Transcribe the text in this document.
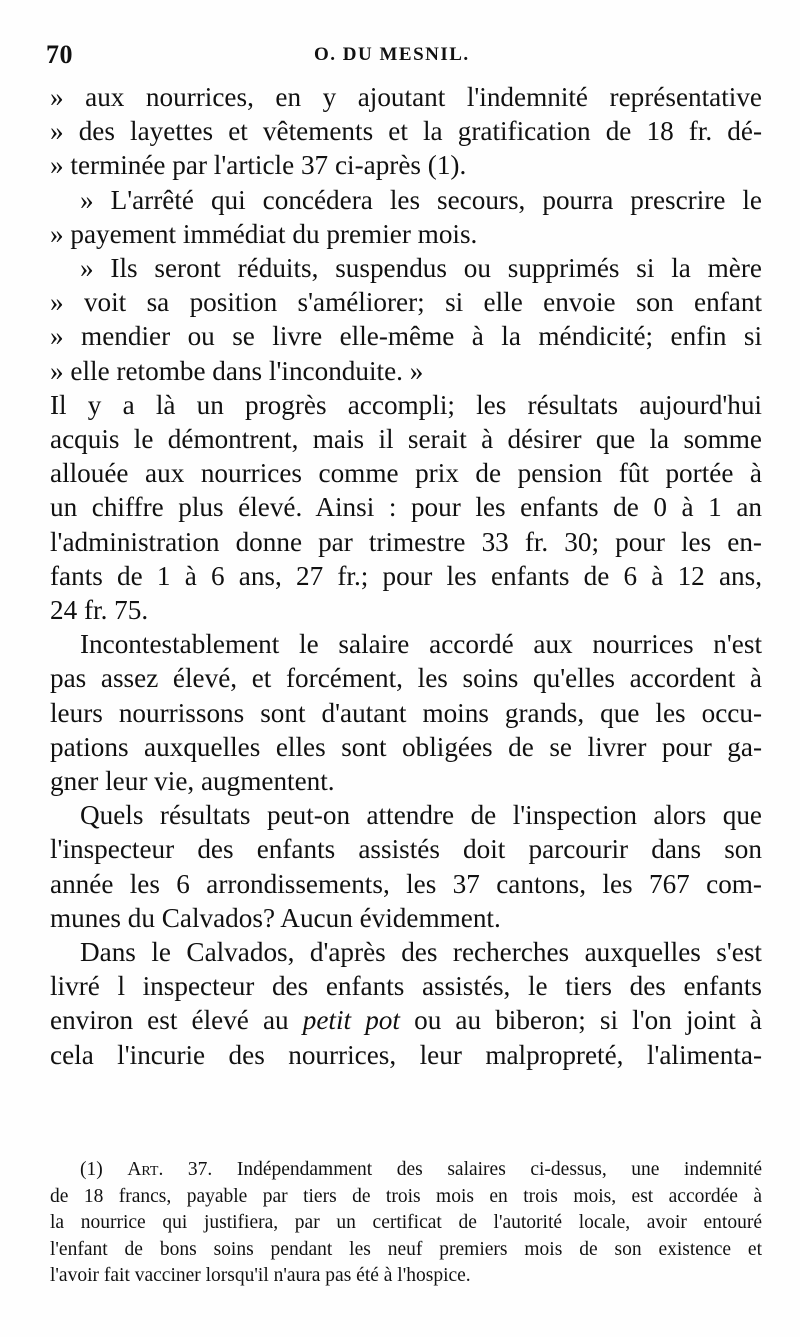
70	O. DU MESNIL.

» aux nourrices, en y ajoutant l'indemnité représentative
» des layettes et vêtements et la gratification de 18 fr. dé-
» terminée par l'article 37 ci-après (1).

» L'arrêté qui concédera les secours, pourra prescrire le
» payement immédiat du premier mois.

» Ils seront réduits, suspendus ou supprimés si la mère
» voit sa position s'améliorer; si elle envoie son enfant
» mendier ou se livre elle-même à la méndicité; enfin si
» elle retombe dans l'inconduite. »

Il y a là un progrès accompli; les résultats aujourd'hui
acquis le démontrent, mais il serait à désirer que la somme
allouée aux nourrices comme prix de pension fût portée à
un chiffre plus élevé. Ainsi : pour les enfants de 0 à 1 an
l'administration donne par trimestre 33 fr. 30; pour les en-
fants de 1 à 6 ans, 27 fr.; pour les enfants de 6 à 12 ans,
24 fr. 75.

Incontestablement le salaire accordé aux nourrices n'est
pas assez élevé, et forcément, les soins qu'elles accordent à
leurs nourrissons sont d'autant moins grands, que les occu-
pations auxquelles elles sont obligées de se livrer pour ga-
gner leur vie, augmentent.

Quels résultats peut-on attendre de l'inspection alors que
l'inspecteur des enfants assistés doit parcourir dans son
année les 6 arrondissements, les 37 cantons, les 767 com-
munes du Calvados? Aucun évidemment.

Dans le Calvados, d'après des recherches auxquelles s'est
livré l inspecteur des enfants assistés, le tiers des enfants
environ est élevé au petit pot ou au biberon; si l'on joint à
cela l'incurie des nourrices, leur malpropreté, l'alimenta-

(1) Art. 37. Indépendamment des salaires ci-dessus, une indemnité
de 18 francs, payable par tiers de trois mois en trois mois, est accordée à
la nourrice qui justifiera, par un certificat de l'autorité locale, avoir entouré
l'enfant de bons soins pendant les neuf premiers mois de son existence et
l'avoir fait vacciner lorsqu'il n'aura pas été à l'hospice.
